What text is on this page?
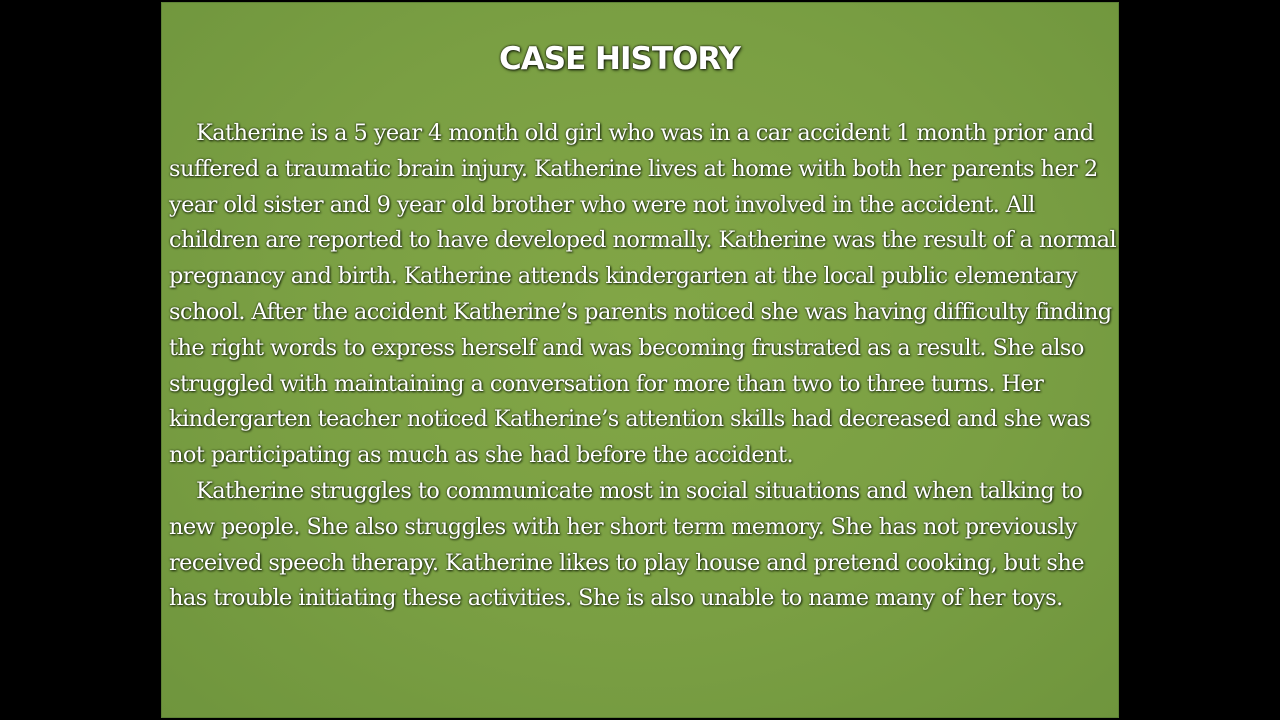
CASE HISTORY

Katherine is a 5 year 4 month old girl who was in a car accident 1 month prior and suffered a traumatic brain injury. Katherine lives at home with both her parents her 2 year old sister and 9 year old brother who were not involved in the accident. All children are reported to have developed normally. Katherine was the result of a normal pregnancy and birth. Katherine attends kindergarten at the local public elementary school. After the accident Katherine’s parents noticed she was having difficulty finding the right words to express herself and was becoming frustrated as a result. She also struggled with maintaining a conversation for more than two to three turns. Her kindergarten teacher noticed Katherine’s attention skills had decreased and she was not participating as much as she had before the accident.

Katherine struggles to communicate most in social situations and when talking to new people. She also struggles with her short term memory. She has not previously received speech therapy. Katherine likes to play house and pretend cooking, but she has trouble initiating these activities. She is also unable to name many of her toys.
